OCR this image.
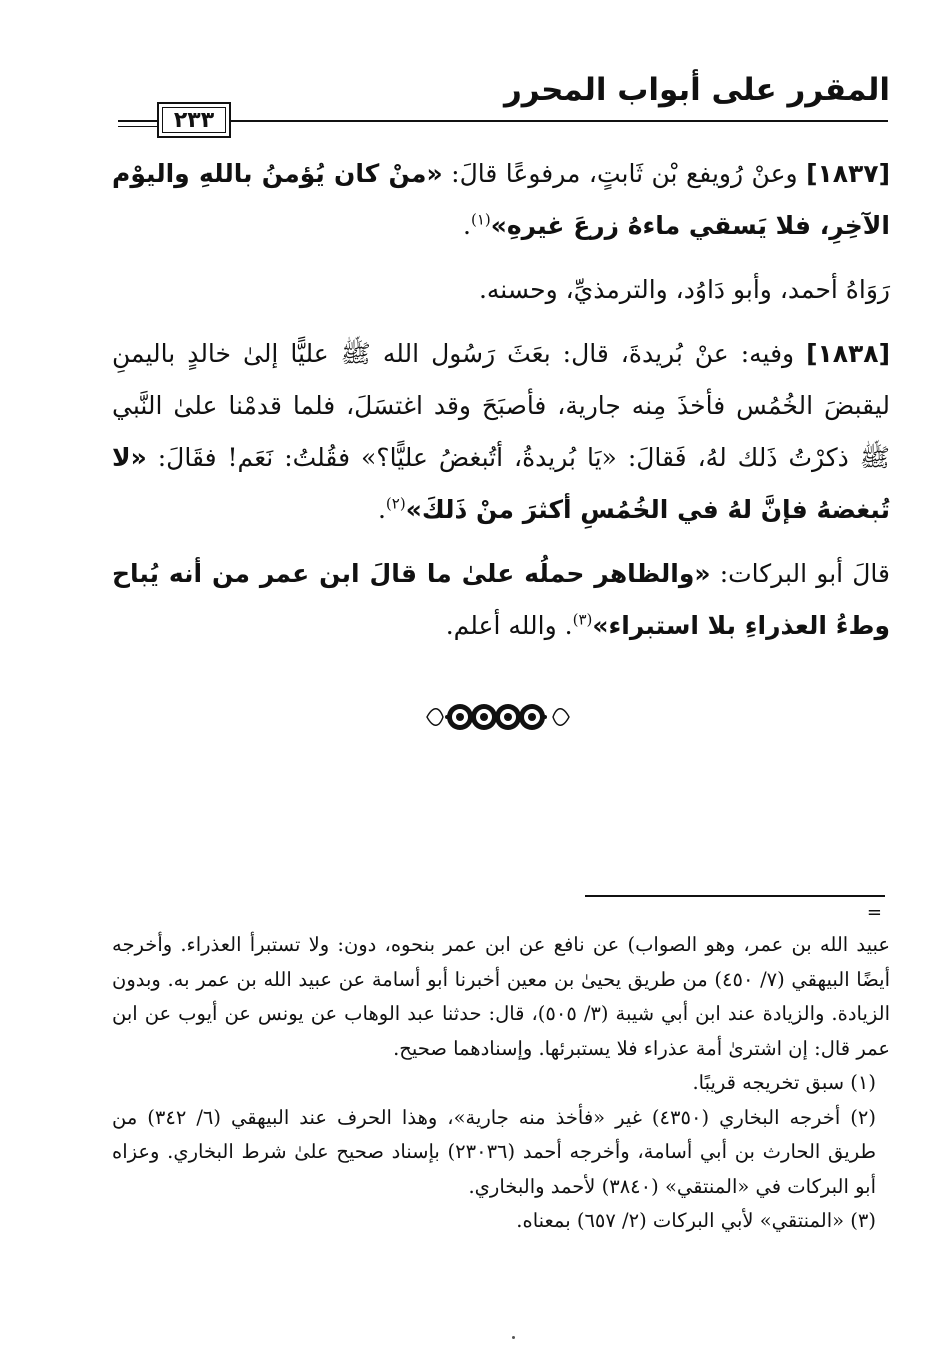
المقرر على أبواب المحرر
٢٣٣

[١٨٣٧] وعنْ رُويفع بْن ثَابتٍ، مرفوعًا قالَ: «منْ كان يُؤمنُ باللهِ واليوْم الآخِرِ، فلا يَسقي ماءهُ زرعَ غيرهِ»$^{(١)}$.

رَوَاهُ أحمد، وأبو دَاوُد، والترمذيِّ، وحسنه.

[١٨٣٨] وفيه: عنْ بُريدةَ، قال: بعَثَ رَسُول الله ﷺ عليًّا إلىٰ خالدٍ باليمنِ ليقبضَ الخُمُس فأخذَ مِنه جارية، فأصبَحَ وقد اغتسَلَ، فلما قدمْنا علىٰ النَّبي ﷺ ذكرْتُ ذَلك لهُ، فَقالَ: «يَا بُريدةُ، أتُبغضُ عليًّا؟» فقُلتُ: نَعَم! فقَالَ: «لا تُبغضهُ فإنَّ لهُ في الخُمُسِ أكثرَ منْ ذَلكَ»$^{(٢)}$.

قالَ أبو البركات: «والظاهر حملُه علىٰ ما قالَ ابن عمر من أنه يُباح وطءُ العذراءِ بلا استبراء»$^{(٣)}$. والله أعلم.

=

عبيد الله بن عمر، وهو الصواب) عن نافع عن ابن عمر بنحوه، دون: ولا تستبرأ العذراء. وأخرجه أيضًا البيهقي (٧/ ٤٥٠) من طريق يحيىٰ بن معين أخبرنا أبو أسامة عن عبيد الله بن عمر به. وبدون الزيادة. والزيادة عند ابن أبي شيبة (٣/ ٥٠٥)، قال: حدثنا عبد الوهاب عن يونس عن أيوب عن ابن عمر قال: إن اشترىٰ أمة عذراء فلا يستبرئها. وإسنادهما صحيح.

(١) سبق تخريجه قريبًا.

(٢) أخرجه البخاري (٤٣٥٠) غير «فأخذ منه جارية»، وهذا الحرف عند البيهقي (٦/ ٣٤٢) من طريق الحارث بن أبي أسامة، وأخرجه أحمد (٢٣٠٣٦) بإسناد صحيح علىٰ شرط البخاري. وعزاه أبو البركات في «المنتقي» (٣٨٤٠) لأحمد والبخاري.

(٣) «المنتقي» لأبي البركات (٢/ ٦٥٧) بمعناه.
